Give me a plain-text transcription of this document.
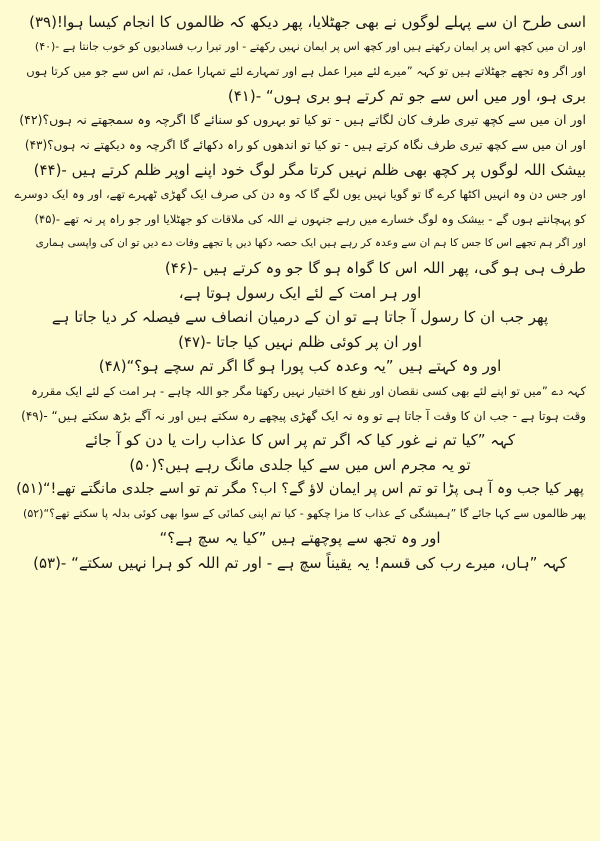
اسی طرح ان سے پہلے لوگوں نے بھی جھٹلایا، پھر دیکھ کہ ظالموں کا انجام کیسا ہوا!(۳۹)
اور ان میں کچھ اس پر ایمان رکھتے ہیں اور کچھ اس پر ایمان نہیں رکھتے - اور تیرا رب فسادیوں کو خوب جانتا ہے -(۴۰)
اور اگر وہ تجھے جھٹلاتے ہیں تو کہہ ”میرے لئے میرا عمل ہے اور تمہارے لئے تمہارا عمل، تم اس سے جو میں کرتا ہوں
بری ہو، اور میں اس سے جو تم کرتے ہو بری ہوں“ -(۴۱)
اور ان میں سے کچھ تیری طرف کان لگاتے ہیں - تو کیا تو بہروں کو سنائے گا اگرچہ وہ سمجھتے نہ ہوں؟(۴۲)
اور ان میں سے کچھ تیری طرف نگاہ کرتے ہیں - تو کیا تو اندھوں کو راہ دکھائے گا اگرچہ وہ دیکھتے نہ ہوں؟(۴۳)
بیشک اللہ لوگوں پر کچھ بھی ظلم نہیں کرتا مگر لوگ خود اپنے اوپر ظلم کرتے ہیں -(۴۴)
اور جس دن وہ انہیں اکٹھا کرے گا تو گویا نہیں یوں لگے گا کہ وہ دن کی صرف ایک گھڑی ٹھہرے تھے، اور وہ ایک دوسرے
کو پہچانتے ہوں گے - بیشک وہ لوگ خسارے میں رہے جنہوں نے اللہ کی ملاقات کو جھٹلایا اور جو راہ پر نہ تھے -(۴۵)
اور اگر ہم تجھے اس کا جس کا ہم ان سے وعدہ کر رہے ہیں ایک حصہ دکھا دیں یا تجھے وفات دے دیں تو ان کی واپسی ہماری
طرف ہی ہو گی، پھر اللہ اس کا گواہ ہو گا جو وہ کرتے ہیں -(۴۶)
اور ہر امت کے لئے ایک رسول ہوتا ہے،
پھر جب ان کا رسول آ جاتا ہے تو ان کے درمیان انصاف سے فیصلہ کر دیا جاتا ہے
اور ان پر کوئی ظلم نہیں کیا جاتا -(۴۷)
اور وہ کہتے ہیں ”یہ وعدہ کب پورا ہو گا اگر تم سچے ہو؟“(۴۸)
کہہ دے ”میں تو اپنے لئے بھی کسی نقصان اور نفع کا اختیار نہیں رکھتا مگر جو اللہ چاہے - ہر امت کے لئے ایک مقررہ
وقت ہوتا ہے - جب ان کا وقت آ جاتا ہے تو وہ نہ ایک گھڑی پیچھے رہ سکتے ہیں اور نہ آگے بڑھ سکتے ہیں“ -(۴۹)
کہہ ”کیا تم نے غور کیا کہ اگر تم پر اس کا عذاب رات یا دن کو آ جائے
تو یہ مجرم اس میں سے کیا جلدی مانگ رہے ہیں؟(۵۰)
پھر کیا جب وہ آ ہی پڑا تو تم اس پر ایمان لاؤ گے؟ اب؟ مگر تم تو اسے جلدی مانگتے تھے!“(۵۱)
پھر ظالموں سے کہا جائے گا ”ہمیشگی کے عذاب کا مزا چکھو - کیا تم اپنی کمائی کے سوا بھی کوئی بدلہ پا سکتے تھے؟“(۵۲)
اور وہ تجھ سے پوچھتے ہیں ”کیا یہ سچ ہے؟“
کہہ ”ہاں، میرے رب کی قسم! یہ یقیناً سچ ہے - اور تم اللہ کو ہرا نہیں سکتے“ -(۵۳)
